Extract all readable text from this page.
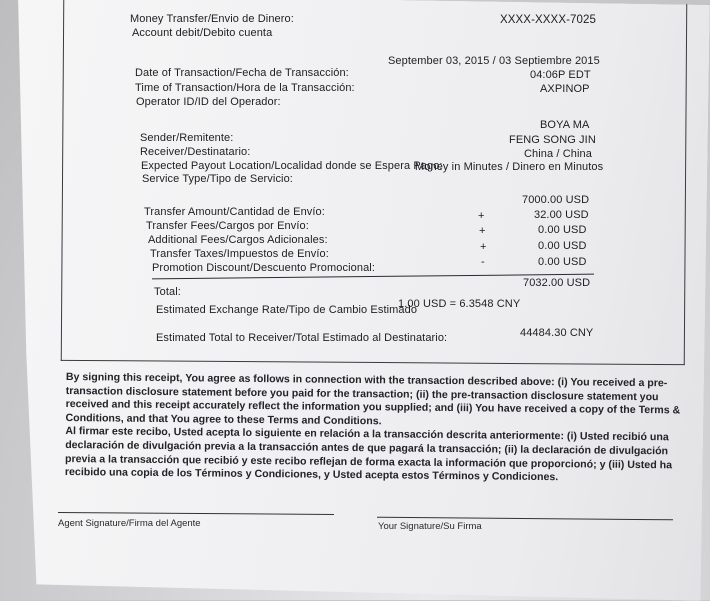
Money Transfer/Envio de Dinero:
Account debit/Debito cuenta
XXXX-XXXX-7025
Date of Transaction/Fecha de Transacción:
September 03, 2015 / 03 Septiembre 2015
Time of Transaction/Hora de la Transacción:
04:06P EDT
Operator ID/ID del Operador:
AXPINOP
Sender/Remitente:
BOYA MA
Receiver/Destinatario:
FENG SONG JIN
Expected Payout Location/Localidad donde se Espera Pago:
China / China
Service Type/Tipo de Servicio:
Money in Minutes / Dinero en Minutos
Transfer Amount/Cantidad de Envío:
7000.00 USD
Transfer Fees/Cargos por Envío:
+	32.00 USD
Additional Fees/Cargos Adicionales:
+	0.00 USD
Transfer Taxes/Impuestos de Envío:
+	0.00 USD
Promotion Discount/Descuento Promocional:	-	0.00 USD
Total:
7032.00 USD
Estimated Exchange Rate/Tipo de Cambio Estimado
1.00 USD = 6.3548 CNY
Estimated Total to Receiver/Total Estimado al Destinatario:	44484.30 CNY

By signing this receipt, You agree as follows in connection with the transaction described above: (i) You received a pre-transaction disclosure statement before you paid for the transaction; (ii) the pre-transaction disclosure statement you received and this receipt accurately reflect the information you supplied; and (iii) You have received a copy of the Terms & Conditions, and that You agree to these Terms and Conditions.

Al firmar este recibo, Usted acepta lo siguiente en relación a la transacción descrita anteriormente: (i) Usted recibió una declaración de divulgación previa a la transacción antes de que pagará la transacción; (ii) la declaración de divulgación previa a la transacción que recibió y este recibo reflejan de forma exacta la información que proporcionó; y (iii) Usted ha recibido una copia de los Términos y Condiciones, y Usted acepta estos Términos y Condiciones.

Agent Signature/Firma del Agente	Your Signature/Su Firma
